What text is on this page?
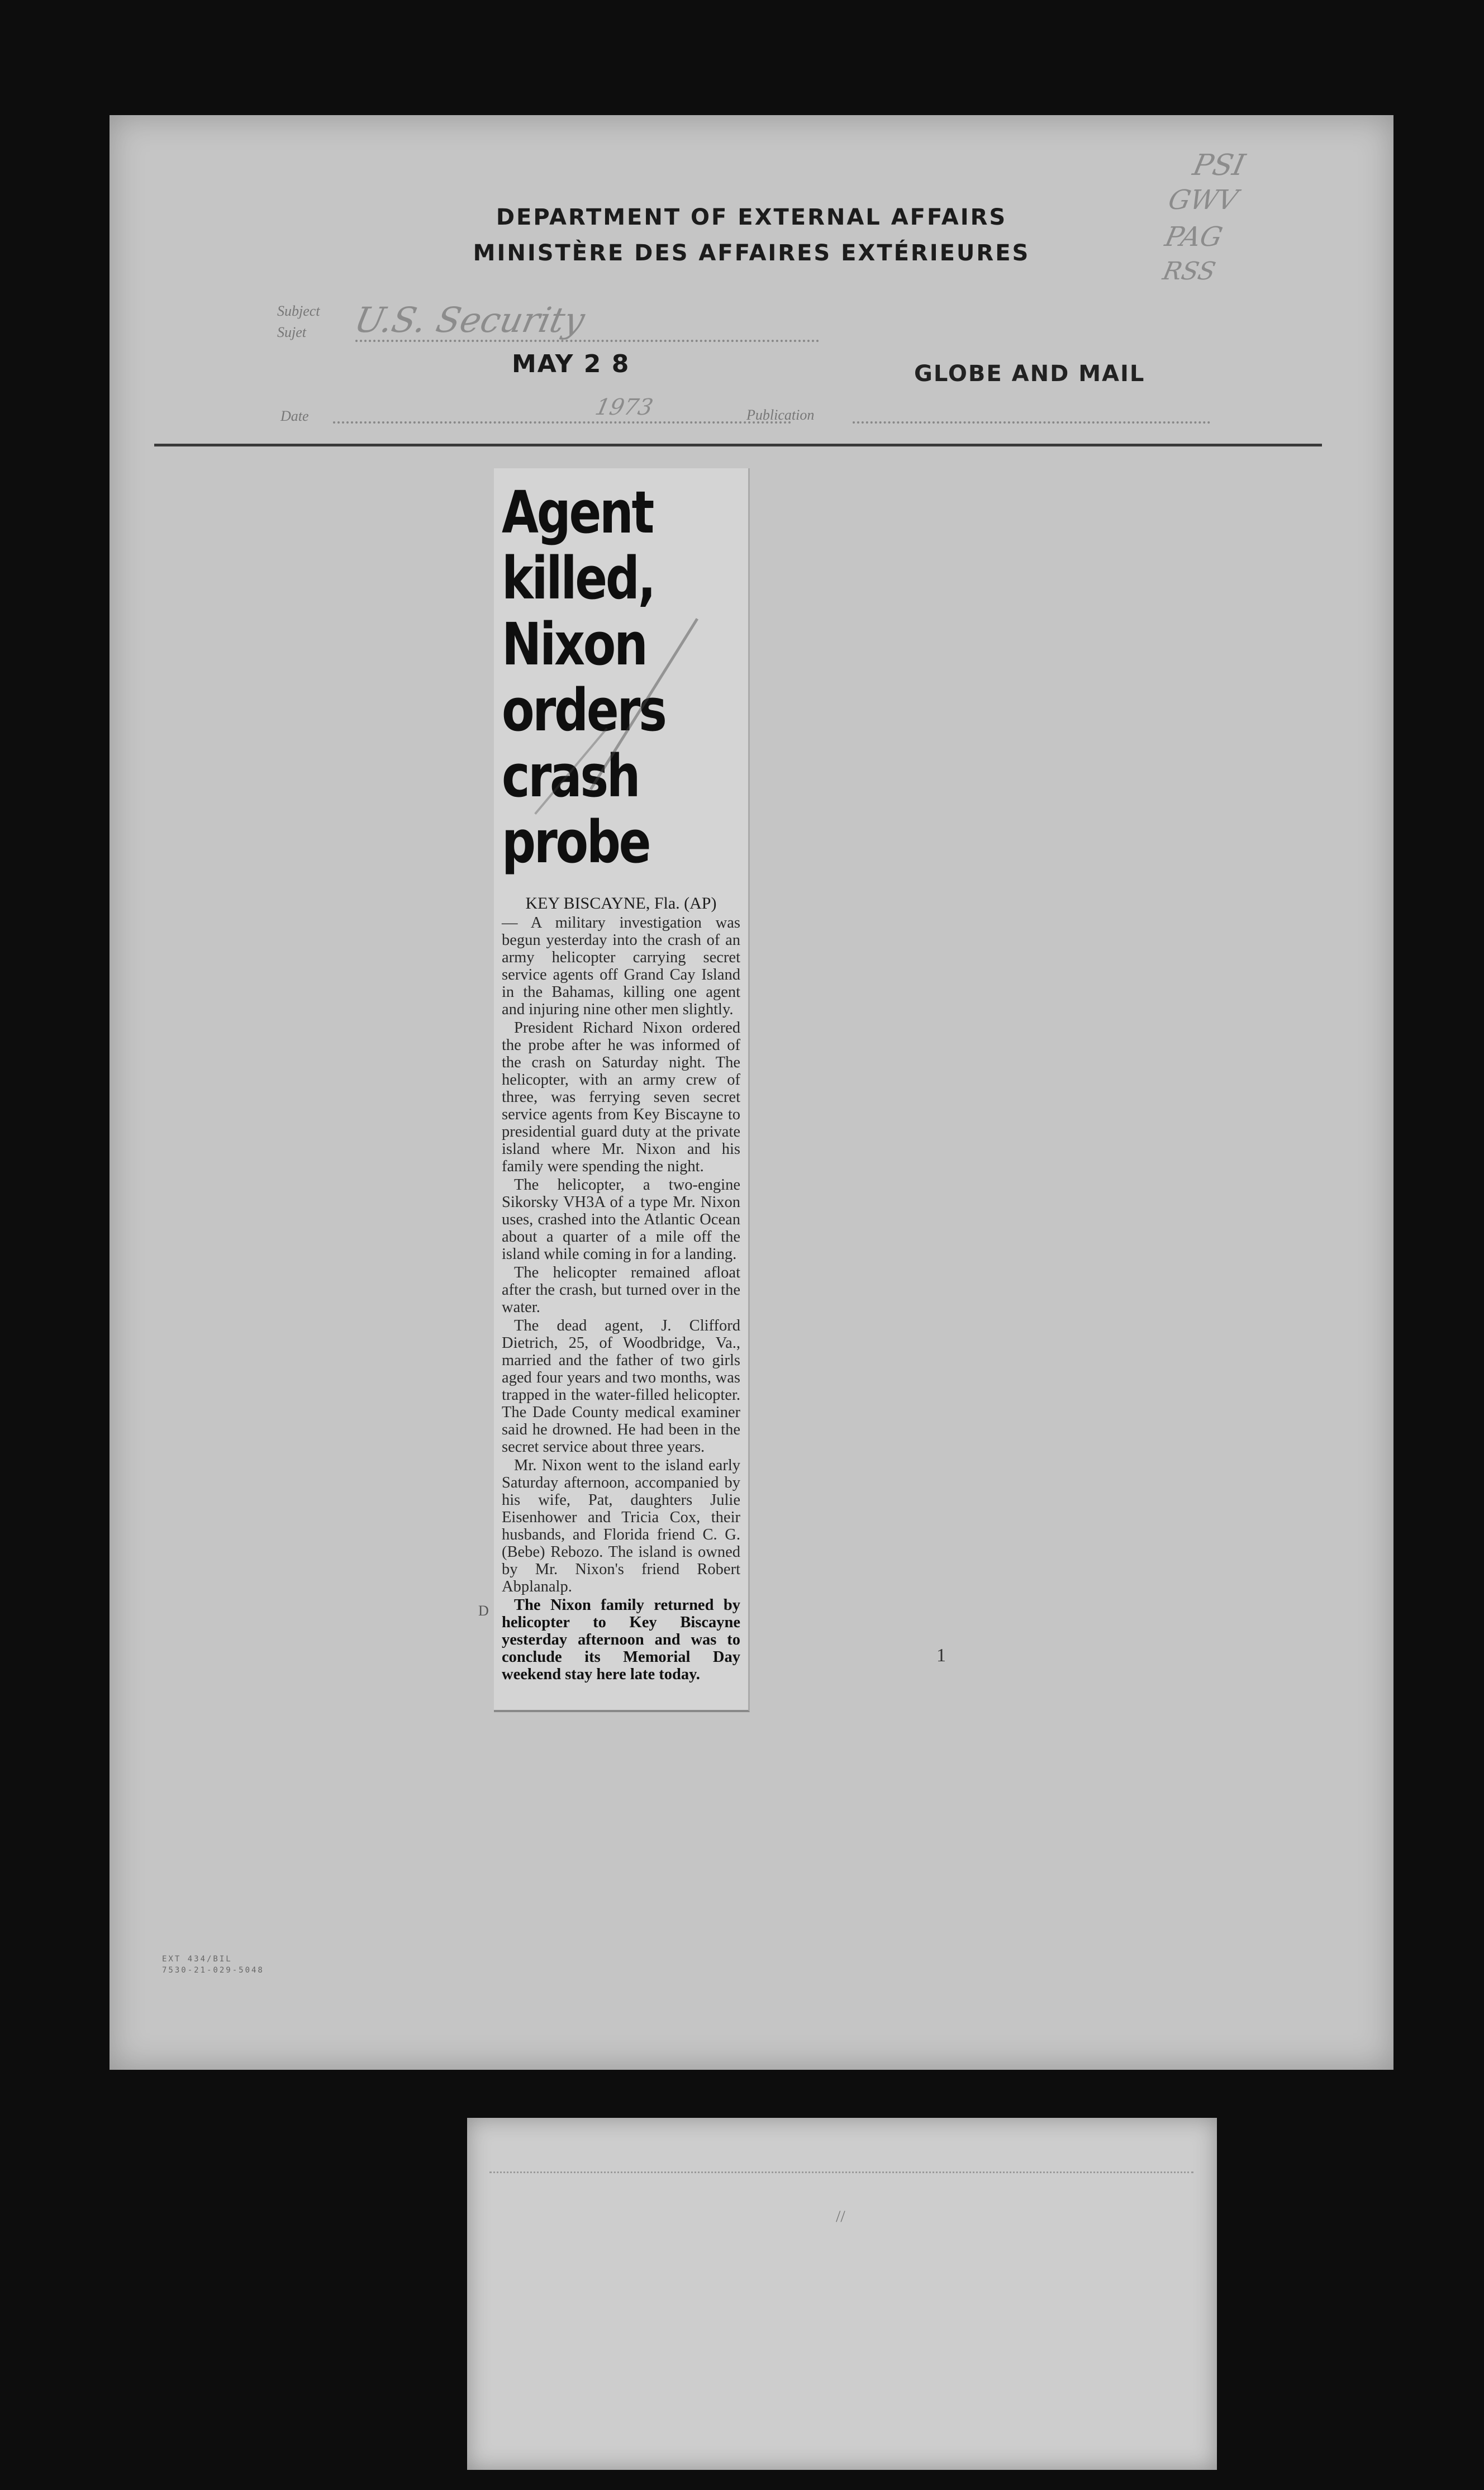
DEPARTMENT OF EXTERNAL AFFAIRS
MINISTÈRE DES AFFAIRES EXTÉRIEURES
Subject
Sujet U.S. Security
MAY 2 8
1973
Date	Publication
GLOBE AND MAIL
PSI
GWV
PAG
RSS
EXT 434/BIL
7530-21-029-5048
Agent killed,
Nixon orders
crash probe
KEY BISCAYNE, Fla. (AP)

— A military investigation was begun yesterday into the crash of an army helicopter carrying secret service agents off Grand Cay Island in the Bahamas, killing one agent and injuring nine other men slightly.

President Richard Nixon ordered the probe after he was informed of the crash on Saturday night. The helicopter, with an army crew of three, was ferrying seven secret service agents from Key Biscayne to presidential guard duty at the private island where Mr. Nixon and his family were spending the night.

The helicopter, a two-engine Sikorsky VH3A of a type Mr. Nixon uses, crashed into the Atlantic Ocean about a quarter of a mile off the island while coming in for a landing.

The helicopter remained afloat after the crash, but turned over in the water.

The dead agent, J. Clifford Dietrich, 25, of Woodbridge, Va., married and the father of two girls aged four years and two months, was trapped in the water-filled helicopter. The Dade County medical examiner said he drowned. He had been in the secret service about three years.

Mr. Nixon went to the island early Saturday afternoon, accompanied by his wife, Pat, daughters Julie Eisenhower and Tricia Cox, their husbands, and Florida friend C. G. (Bebe) Rebozo. The island is owned by Mr. Nixon's friend Robert Abplanalp.

The Nixon family returned by helicopter to Key Biscayne yesterday afternoon and was to conclude its Memorial Day weekend stay here late today.

D
1
//
